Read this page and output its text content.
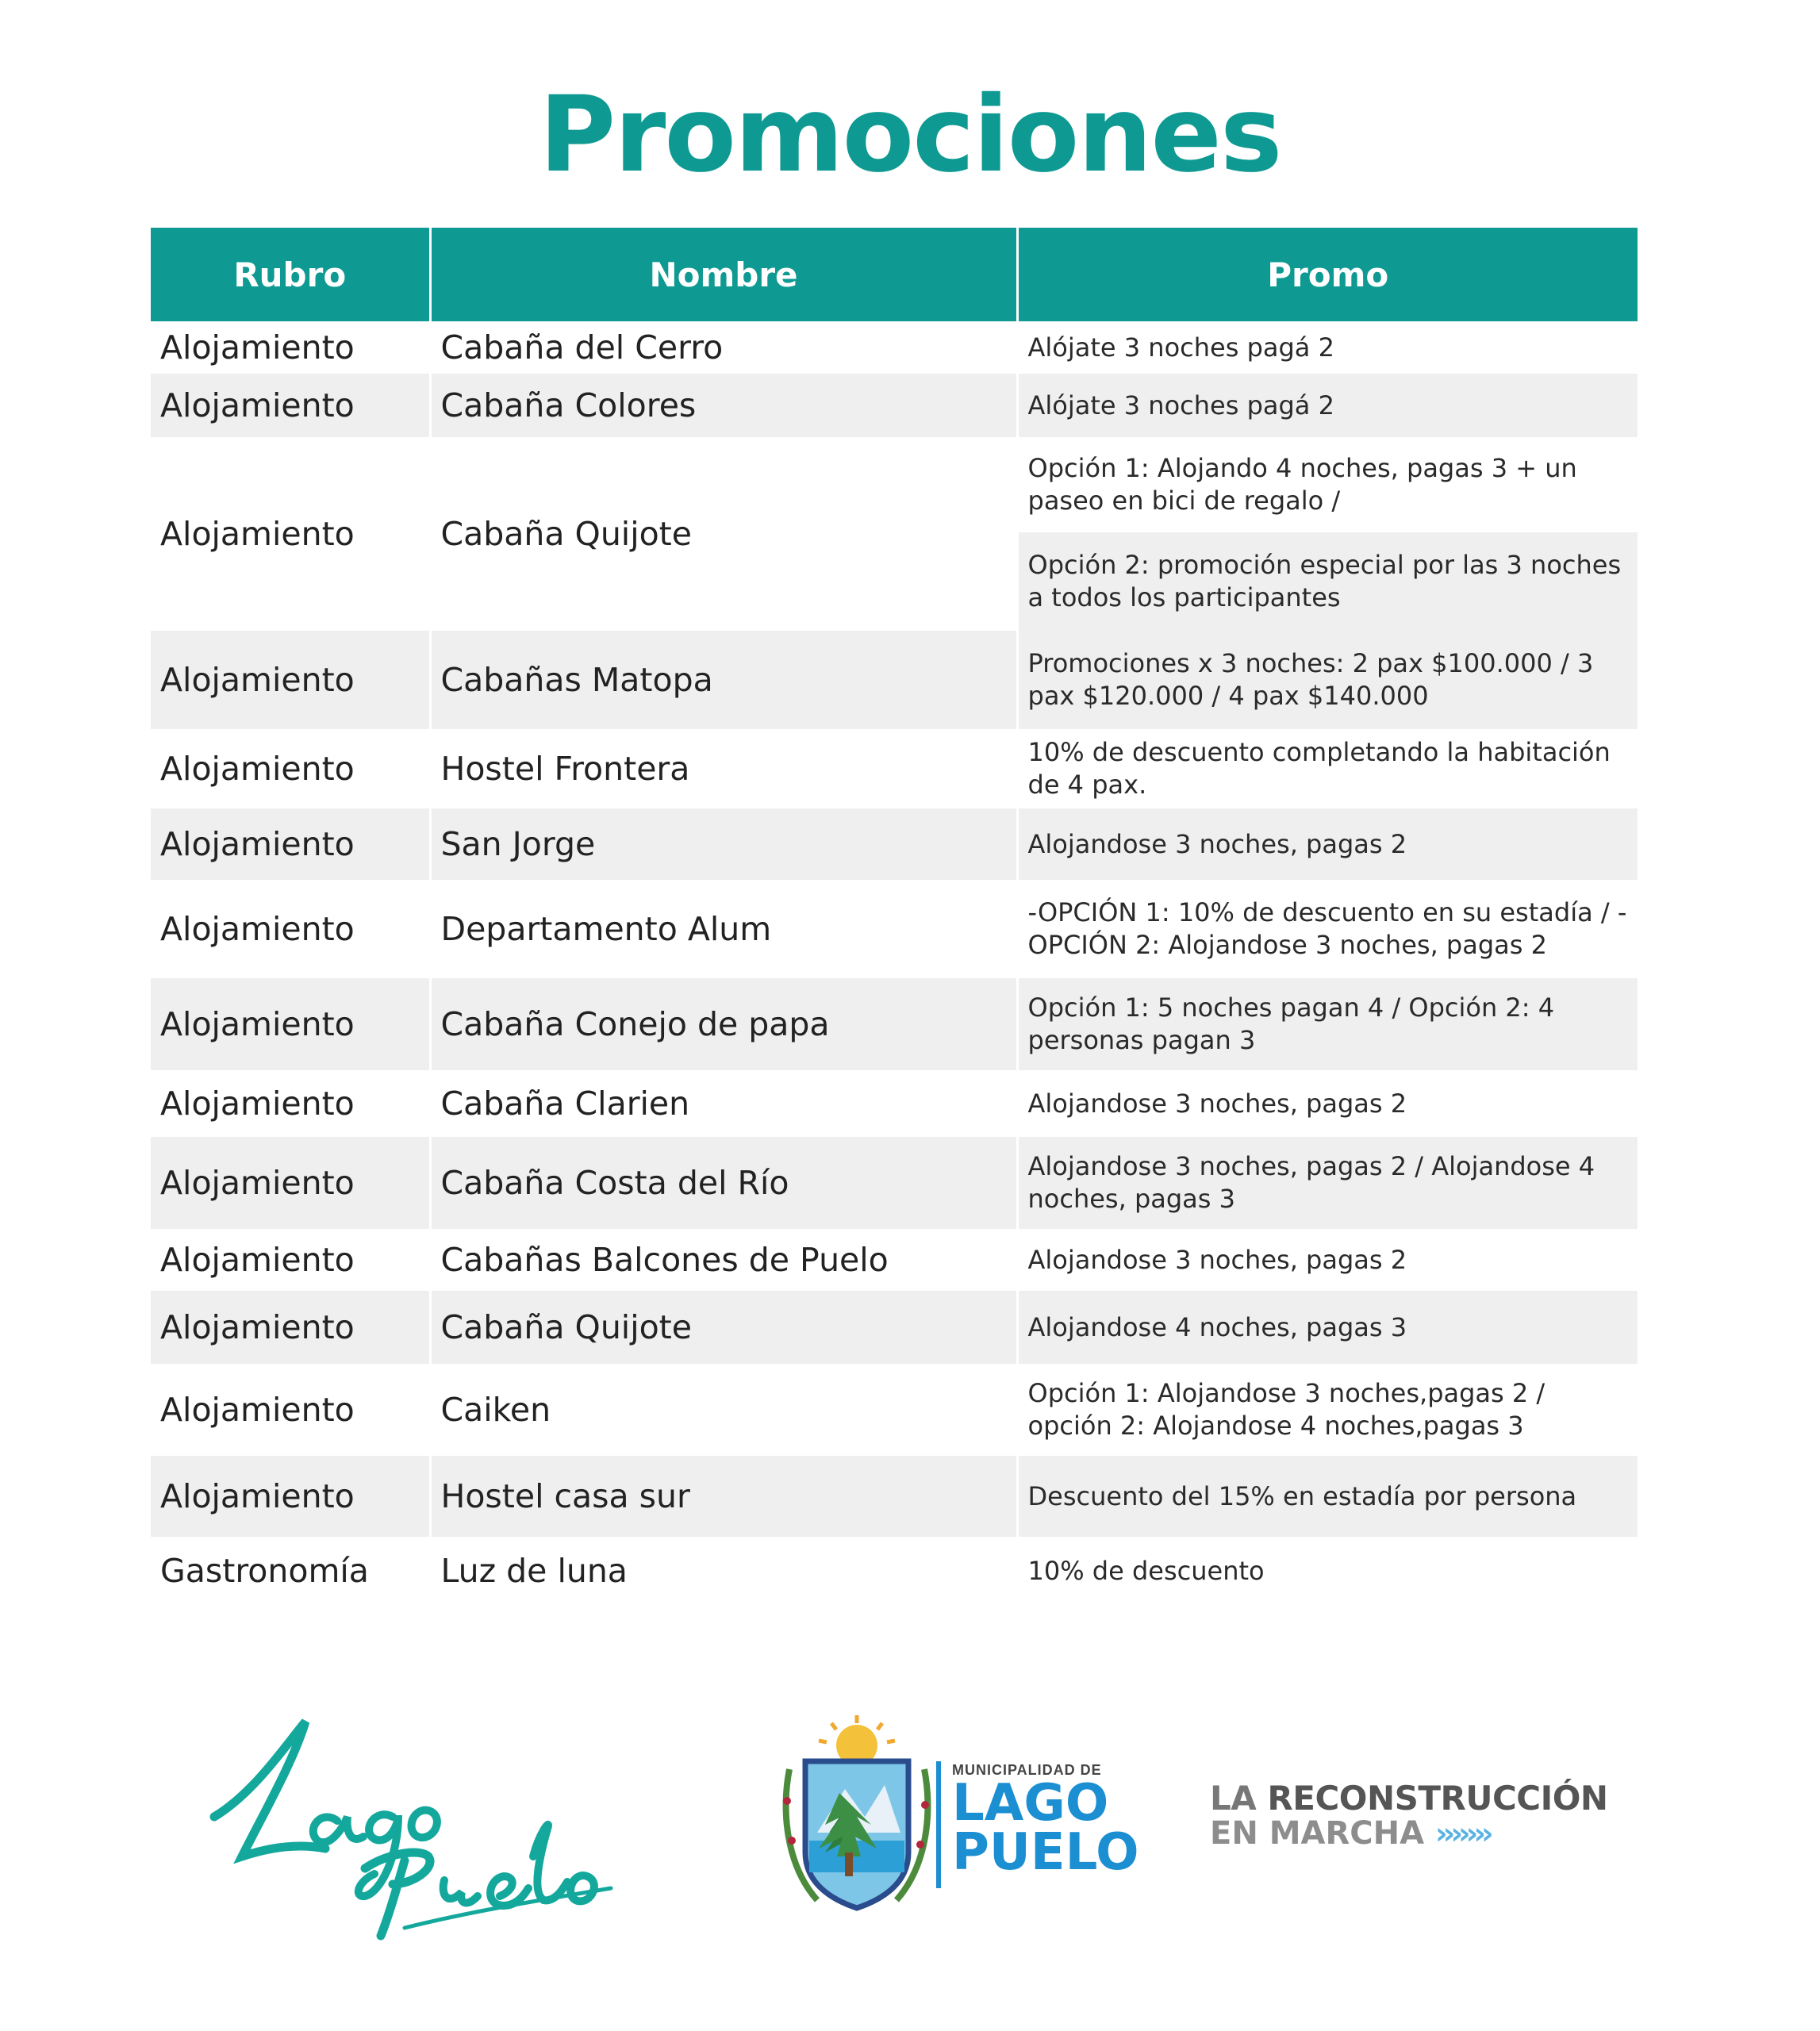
Promociones
Rubro	Nombre	Promo
Alojamiento	Cabaña del Cerro	Alójate 3 noches pagá 2
Alojamiento	Cabaña Colores	Alójate 3 noches pagá 2
Alojamiento	Cabaña Quijote	Opción 1: Alojando 4 noches, pagas 3 + un paseo en bici de regalo /
		Opción 2: promoción especial por las 3 noches a todos los participantes
Alojamiento	Cabañas Matopa	Promociones x 3 noches: 2 pax $100.000 / 3 pax $120.000 / 4 pax $140.000
Alojamiento	Hostel Frontera	10% de descuento completando la habitación de 4 pax.
Alojamiento	San Jorge	Alojandose 3 noches, pagas 2
Alojamiento	Departamento Alum	-OPCIÓN 1: 10% de descuento en su estadía / -OPCIÓN 2: Alojandose 3 noches, pagas 2
Alojamiento	Cabaña Conejo de papa	Opción 1: 5 noches pagan 4 / Opción 2: 4 personas pagan 3
Alojamiento	Cabaña Clarien	Alojandose 3 noches, pagas 2
Alojamiento	Cabaña Costa del Río	Alojandose 3 noches, pagas 2 / Alojandose 4 noches, pagas 3
Alojamiento	Cabañas Balcones de Puelo	Alojandose 3 noches, pagas 2
Alojamiento	Cabaña Quijote	Alojandose 4 noches, pagas 3
Alojamiento	Caiken	Opción 1: Alojandose 3 noches,pagas 2 / opción 2: Alojandose 4 noches,pagas 3
Alojamiento	Hostel casa sur	Descuento del 15% en estadía por persona
Gastronomía	Luz de luna	10% de descuento
MUNICIPALIDAD DE
LAGO
PUELO
LA RECONSTRUCCIÓN
EN MARCHA ›››››››
